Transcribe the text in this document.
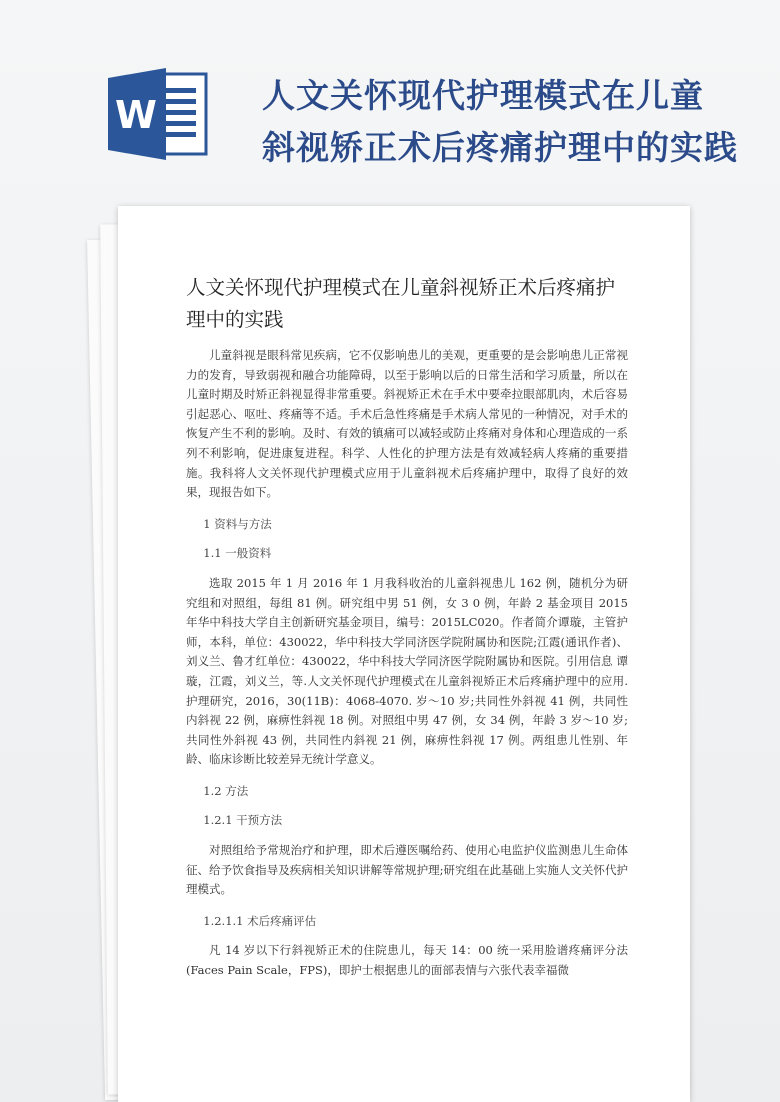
W	人文关怀现代护理模式在儿童
斜视矫正术后疼痛护理中的实践
人文关怀现代护理模式在儿童斜视矫正术后疼痛护理中的实践

儿童斜视是眼科常见疾病，它不仅影响患儿的美观，更重要的是会影响患儿正常视力的发育，导致弱视和融合功能障碍，以至于影响以后的日常生活和学习质量，所以在儿童时期及时矫正斜视显得非常重要。斜视矫正术在手术中要牵拉眼部肌肉，术后容易引起恶心、呕吐、疼痛等不适。手术后急性疼痛是手术病人常见的一种情况，对手术的恢复产生不利的影响。及时、有效的镇痛可以减轻或防止疼痛对身体和心理造成的一系列不利影响，促进康复进程。科学、人性化的护理方法是有效减轻病人疼痛的重要措施。我科将人文关怀现代护理模式应用于儿童斜视术后疼痛护理中，取得了良好的效果，现报告如下。

1 资料与方法

1.1 一般资料

选取 2015 年 1 月 2016 年 1 月我科收治的儿童斜视患儿 162 例，随机分为研究组和对照组，每组 81 例。研究组中男 51 例，女 3 0 例，年龄 2 基金项目 2015 年华中科技大学自主创新研究基金项目，编号：2015LC020。作者简介谭璇，主管护师，本科，单位：430022，华中科技大学同济医学院附属协和医院;江霞(通讯作者)、刘义兰、鲁才红单位：430022，华中科技大学同济医学院附属协和医院。引用信息 谭璇，江霞，刘义兰，等.人文关怀现代护理模式在儿童斜视矫正术后疼痛护理中的应用.护理研究，2016，30(11B)：4068-4070. 岁～10 岁;共同性外斜视 41 例，共同性内斜视 22 例，麻痹性斜视 18 例。对照组中男 47 例，女 34 例，年龄 3 岁～10 岁;共同性外斜视 43 例，共同性内斜视 21 例，麻痹性斜视 17 例。两组患儿性别、年龄、临床诊断比较差异无统计学意义。

1.2 方法

1.2.1 干预方法

对照组给予常规治疗和护理，即术后遵医嘱给药、使用心电监护仪监测患儿生命体征、给予饮食指导及疾病相关知识讲解等常规护理;研究组在此基础上实施人文关怀代护理模式。

1.2.1.1 术后疼痛评估

凡 14 岁以下行斜视矫正术的住院患儿，每天 14：00 统一采用脸谱疼痛评分法(Faces Pain Scale，FPS)，即护士根据患儿的面部表情与六张代表幸福微
